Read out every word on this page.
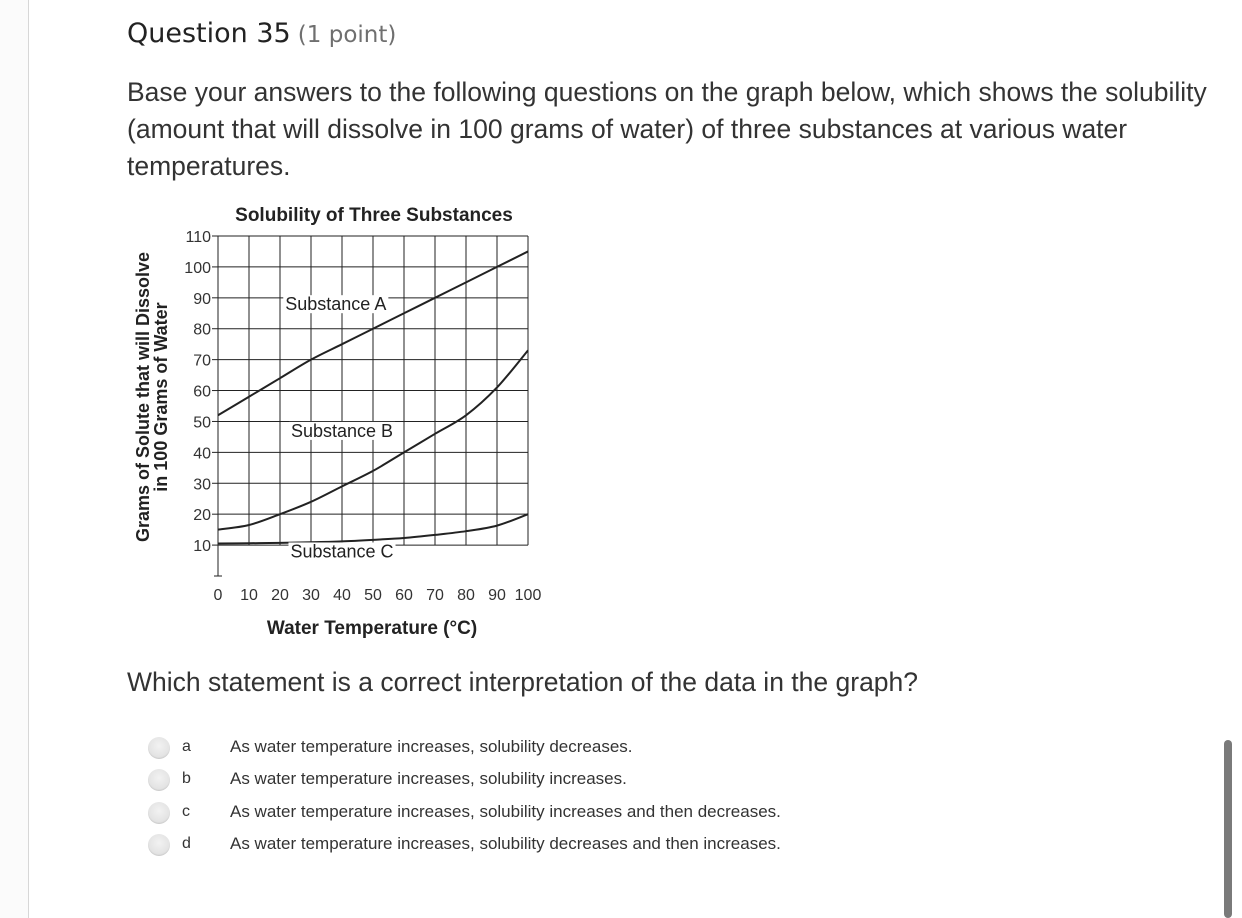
Question 35 (1 point)
Base your answers to the following questions on the graph below, which shows the solubility (amount that will dissolve in 100 grams of water) of three substances at various water temperatures.
Substance A
Substance B
Substance C
10
20
30
40
50
60
70
80
90
100
110
0 10 20 30 40 50 60 70 80 90 100
Solubility of Three Substances
Water Temperature (°C)
Grams of Solute that will Dissolve
in 100 Grams of Water
Which statement is a correct interpretation of the data in the graph?
a As water temperature increases, solubility decreases.
b As water temperature increases, solubility increases.
c As water temperature increases, solubility increases and then decreases.
d As water temperature increases, solubility decreases and then increases.
